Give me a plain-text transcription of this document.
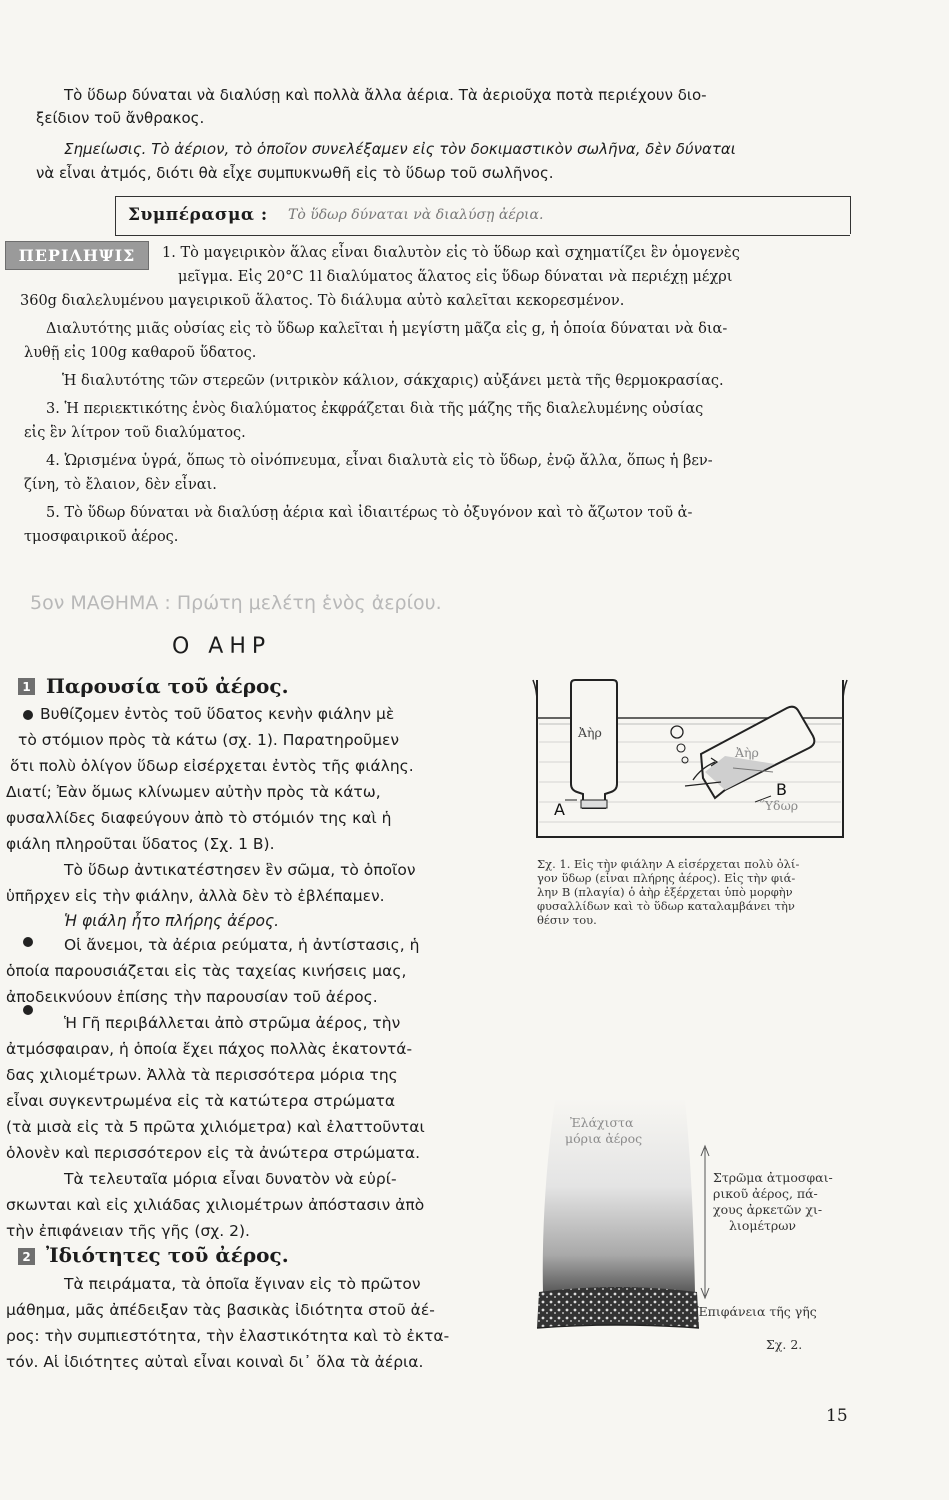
Τὸ ὕδωρ δύναται νὰ διαλύσῃ καὶ πολλὰ ἄλλα ἀέρια. Τὰ ἀεριοῦχα ποτὰ περιέχουν διο-
ξείδιον τοῦ ἄνθρακος.
Σημείωσις. Τὸ ἀέριον, τὸ ὁποῖον συνελέξαμεν εἰς τὸν δοκιμαστικὸν σωλῆνα, δὲν δύναται
νὰ εἶναι ἀτμός, διότι θὰ εἶχε συμπυκνωθῆ εἰς τὸ ὕδωρ τοῦ σωλῆνος.
Συμπέρασμα : Τὸ ὕδωρ δύναται νὰ διαλύσῃ ἀέρια.
ΠΕΡΙΛΗΨΙΣ	1. Τὸ μαγειρικὸν ἅλας εἶναι διαλυτὸν εἰς τὸ ὕδωρ καὶ σχηματίζει ἓν ὁμογενὲς
μεῖγμα. Εἰς 20°C 1l διαλύματος ἅλατος εἰς ὕδωρ δύναται νὰ περιέχῃ μέχρι
360g διαλελυμένου μαγειρικοῦ ἅλατος. Τὸ διάλυμα αὐτὸ καλεῖται κεκορεσμένον.
Διαλυτότης μιᾶς οὐσίας εἰς τὸ ὕδωρ καλεῖται ἡ μεγίστη μᾶζα εἰς g, ἡ ὁποία δύναται νὰ δια-
λυθῇ εἰς 100g καθαροῦ ὕδατος.
Ἡ διαλυτότης τῶν στερεῶν (νιτρικὸν κάλιον, σάκχαρις) αὐξάνει μετὰ τῆς θερμοκρασίας.
3. Ἡ περιεκτικότης ἑνὸς διαλύματος ἐκφράζεται διὰ τῆς μάζης τῆς διαλελυμένης οὐσίας
εἰς ἓν λίτρον τοῦ διαλύματος.
4. Ὡρισμένα ὑγρά, ὅπως τὸ οἰνόπνευμα, εἶναι διαλυτὰ εἰς τὸ ὕδωρ, ἐνῷ ἄλλα, ὅπως ἡ βεν-
ζίνη, τὸ ἔλαιον, δὲν εἶναι.
5. Τὸ ὕδωρ δύναται νὰ διαλύσῃ ἀέρια καὶ ἰδιαιτέρως τὸ ὀξυγόνον καὶ τὸ ἄζωτον τοῦ ἀ-
τμοσφαιρικοῦ ἀέρος.
5ον ΜΑΘΗΜΑ : Πρώτη μελέτη ἑνὸς ἀερίου.
Ο ΑΗΡ
1 Παρουσία τοῦ ἀέρος.
Βυθίζομεν ἐντὸς τοῦ ὕδατος κενὴν φιάλην μὲ
τὸ στόμιον πρὸς τὰ κάτω (σχ. 1). Παρατηροῦμεν
ὅτι πολὺ ὀλίγον ὕδωρ εἰσέρχεται ἐντὸς τῆς φιάλης.
Διατί; Ἐὰν ὅμως κλίνωμεν αὐτὴν πρὸς τὰ κάτω,
φυσαλλίδες διαφεύγουν ἀπὸ τὸ στόμιόν της καὶ ἡ
φιάλη πληροῦται ὕδατος (Σχ. 1 Β).
Τὸ ὕδωρ ἀντικατέστησεν ἓν σῶμα, τὸ ὁποῖον
ὑπῆρχεν εἰς τὴν φιάλην, ἀλλὰ δὲν τὸ ἐβλέπαμεν.
Ἡ φιάλη ἦτο πλήρης ἀέρος.
Οἱ ἄνεμοι, τὰ ἀέρια ρεύματα, ἡ ἀντίστασις, ἡ
ὁποία παρουσιάζεται εἰς τὰς ταχείας κινήσεις μας,
ἀποδεικνύουν ἐπίσης τὴν παρουσίαν τοῦ ἀέρος.
Ἡ Γῆ περιβάλλεται ἀπὸ στρῶμα ἀέρος, τὴν
ἀτμόσφαιραν, ἡ ὁποία ἔχει πάχος πολλὰς ἑκατοντά-
δας χιλιομέτρων. Ἀλλὰ τὰ περισσότερα μόρια της
εἶναι συγκεντρωμένα εἰς τὰ κατώτερα στρώματα
(τὰ μισὰ εἰς τὰ 5 πρῶτα χιλιόμετρα) καὶ ἐλαττοῦνται
ὁλονὲν καὶ περισσότερον εἰς τὰ ἀνώτερα στρώματα.
Τὰ τελευταῖα μόρια εἶναι δυνατὸν νὰ εὑρί-
σκωνται καὶ εἰς χιλιάδας χιλιομέτρων ἀπόστασιν ἀπὸ
τὴν ἐπιφάνειαν τῆς γῆς (σχ. 2).
2 Ἰδιότητες τοῦ ἀέρος.
Τὰ πειράματα, τὰ ὁποῖα ἔγιναν εἰς τὸ πρῶτον
μάθημα, μᾶς ἀπέδειξαν τὰς βασικὰς ἰδιότητα στοῦ ἀέ-
ρος: τὴν συμπιεστότητα, τὴν ἐλαστικότητα καὶ τὸ ἐκτα-
τόν. Αἱ ἰδιότητες αὐταὶ εἶναι κοιναὶ δι᾽ ὅλα τὰ ἀέρια.
Ἀὴρ
Ἀὴρ
Ὕδωρ
Α
Β
Σχ. 1. Εἰς τὴν φιάλην Α εἰσέρχεται πολὺ ὀλί-
γον ὕδωρ (εἶναι πλήρης ἀέρος). Εἰς τὴν φιά-
λην Β (πλαγία) ὁ ἀὴρ ἐξέρχεται ὑπὸ μορφὴν
φυσαλλίδων καὶ τὸ ὕδωρ καταλαμβάνει τὴν
θέσιν του.
Ἐλάχιστα
μόρια ἀέρος
Στρῶμα ἀτμοσφαι-
ρικοῦ ἀέρος, πά-
χους ἀρκετῶν χι-
λιομέτρων
Ἐπιφάνεια τῆς γῆς
Σχ. 2.
15
